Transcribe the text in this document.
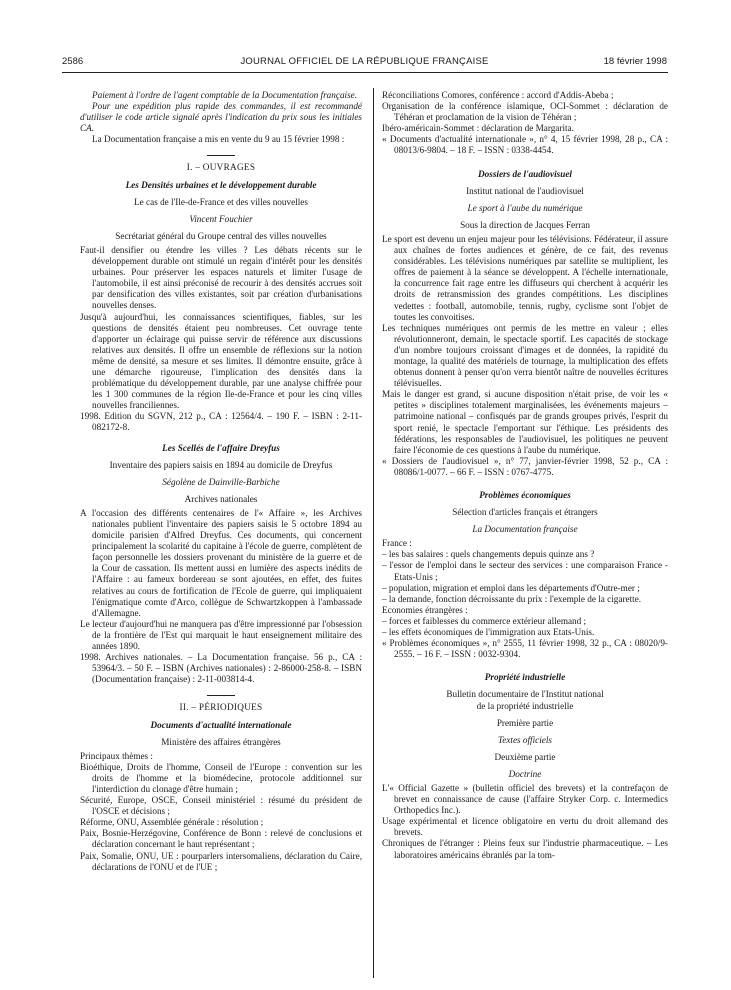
2586	JOURNAL OFFICIEL DE LA RÉPUBLIQUE FRANÇAISE	18 février 1998

Paiement à l'ordre de l'agent comptable de la Documentation française.

Pour une expédition plus rapide des commandes, il est recommandé d'utiliser le code article signalé après l'indication du prix sous les initiales CA.

La Documentation française a mis en vente du 9 au 15 février 1998 :

I. – OUVRAGES

Les Densités urbaines et le développement durable

Le cas de l'Ile-de-France et des villes nouvelles

Vincent Fouchier

Secrétariat général du Groupe central des villes nouvelles

Faut-il densifier ou étendre les villes ? Les débats récents sur le développement durable ont stimulé un regain d'intérêt pour les densités urbaines. Pour préserver les espaces naturels et limiter l'usage de l'automobile, il est ainsi préconisé de recourir à des densités accrues soit par densification des villes existantes, soit par création d'urbanisations nouvelles denses.

Jusqu'à aujourd'hui, les connaissances scientifiques, fiables, sur les questions de densités étaient peu nombreuses. Cet ouvrage tente d'apporter un éclairage qui puisse servir de référence aux discussions relatives aux densités. Il offre un ensemble de réflexions sur la notion même de densité, sa mesure et ses limites. Il démontre ensuite, grâce à une démarche rigoureuse, l'implication des densités dans la problématique du développement durable, par une analyse chiffrée pour les 1 300 communes de la région Ile-de-France et pour les cinq villes nouvelles franciliennes.

1998. Edition du SGVN, 212 p., CA : 12564/4. – 190 F. – ISBN : 2-11-082172-8.

Les Scellés de l'affaire Dreyfus

Inventaire des papiers saisis en 1894 au domicile de Dreyfus

Ségolène de Dainville-Barbiche

Archives nationales

A l'occasion des différents centenaires de l'« Affaire », les Archives nationales publient l'inventaire des papiers saisis le 5 octobre 1894 au domicile parisien d'Alfred Dreyfus. Ces documents, qui concernent principalement la scolarité du capitaine à l'école de guerre, complètent de façon personnelle les dossiers provenant du ministère de la guerre et de la Cour de cassation. Ils mettent aussi en lumière des aspects inédits de l'Affaire : au fameux bordereau se sont ajoutées, en effet, des fuites relatives au cours de fortification de l'Ecole de guerre, qui impliquaient l'énigmatique comte d'Arco, collègue de Schwartzkoppen à l'ambassade d'Allemagne.

Le lecteur d'aujourd'hui ne manquera pas d'être impressionné par l'obsession de la frontière de l'Est qui marquait le haut enseignement militaire des années 1890.

1998. Archives nationales. – La Documentation française. 56 p., CA : 53964/3. – 50 F. – ISBN (Archives nationales) : 2-86000-258-8. – ISBN (Documentation française) : 2-11-003814-4.

II. – PÉRIODIQUES

Documents d'actualité internationale

Ministère des affaires étrangères

Principaux thèmes :

Bioéthique, Droits de l'homme, Conseil de l'Europe : convention sur les droits de l'homme et la biomédecine, protocole additionnel sur l'interdiction du clonage d'être humain ;

Sécurité, Europe, OSCE, Conseil ministériel : résumé du président de l'OSCE et décisions ;

Réforme, ONU, Assemblée générale : résolution ;

Paix, Bosnie-Herzégovine, Conférence de Bonn : relevé de conclusions et déclaration concernant le haut représentant ;

Paix, Somalie, ONU, UE : pourparlers intersomaliens, déclaration du Caire, déclarations de l'ONU et de l'UE ;

Réconciliations Comores, conférence : accord d'Addis-Abeba ;

Organisation de la conférence islamique, OCI-Sommet : déclaration de Téhéran et proclamation de la vision de Téhéran ;

Ibéro-américain-Sommet : déclaration de Margarita.

« Documents d'actualité internationale », n° 4, 15 février 1998, 28 p., CA : 08013/6-9804. – 18 F. – ISSN : 0338-4454.

Dossiers de l'audiovisuel

Institut national de l'audiovisuel

Le sport à l'aube du numérique

Sous la direction de Jacques Ferran

Le sport est devenu un enjeu majeur pour les télévisions. Fédérateur, il assure aux chaînes de fortes audiences et génère, de ce fait, des revenus considérables. Les télévisions numériques par satellite se multiplient, les offres de paiement à la séance se développent. A l'échelle internationale, la concurrence fait rage entre les diffuseurs qui cherchent à acquérir les droits de retransmission des grandes compétitions. Les disciplines vedettes : football, automobile, tennis, rugby, cyclisme sont l'objet de toutes les convoitises.

Les techniques numériques ont permis de les mettre en valeur ; elles révolutionneront, demain, le spectacle sportif. Les capacités de stockage d'un nombre toujours croissant d'images et de données, la rapidité du montage, la qualité des matériels de tournage, la multiplication des effets obtenus donnent à penser qu'on verra bientôt naître de nouvelles écritures télévisuelles.

Mais le danger est grand, si aucune disposition n'était prise, de voir les « petites » disciplines totalement marginalisées, les événements majeurs – patrimoine national – confisqués par de grands groupes privés, l'esprit du sport renié, le spectacle l'emportant sur l'éthique. Les présidents des fédérations, les responsables de l'audiovisuel, les politiques ne peuvent faire l'économie de ces questions à l'aube du numérique.

« Dossiers de l'audiovisuel », n° 77, janvier-février 1998, 52 p., CA : 08086/1-0077. – 66 F. – ISSN : 0767-4775.

Problèmes économiques

Sélection d'articles français et étrangers

La Documentation française

France :

– les bas salaires : quels changements depuis quinze ans ?

– l'essor de l'emploi dans le secteur des services : une comparaison France - Etats-Unis ;

– population, migration et emploi dans les départements d'Outre-mer ;

– la demande, fonction décroissante du prix : l'exemple de la cigarette.

Economies étrangères :

– forces et faiblesses du commerce extérieur allemand ;

– les effets économiques de l'immigration aux Etats-Unis.

« Problèmes économiques », n° 2555, 11 février 1998, 32 p., CA : 08020/9-2555. – 16 F. – ISSN : 0032-9304.

Propriété industrielle

Bulletin documentaire de l'Institut national

de la propriété industrielle

Première partie

Textes officiels

Deuxième partie

Doctrine

L'« Official Gazette » (bulletin officiel des brevets) et la contrefaçon de brevet en connaissance de cause (l'affaire Stryker Corp. c. Intermedics Orthopedics Inc.).

Usage expérimental et licence obligatoire en vertu du droit allemand des brevets.

Chroniques de l'étranger : Pleins feux sur l'industrie pharmaceutique. – Les laboratoires américains ébranlés par la tom-
